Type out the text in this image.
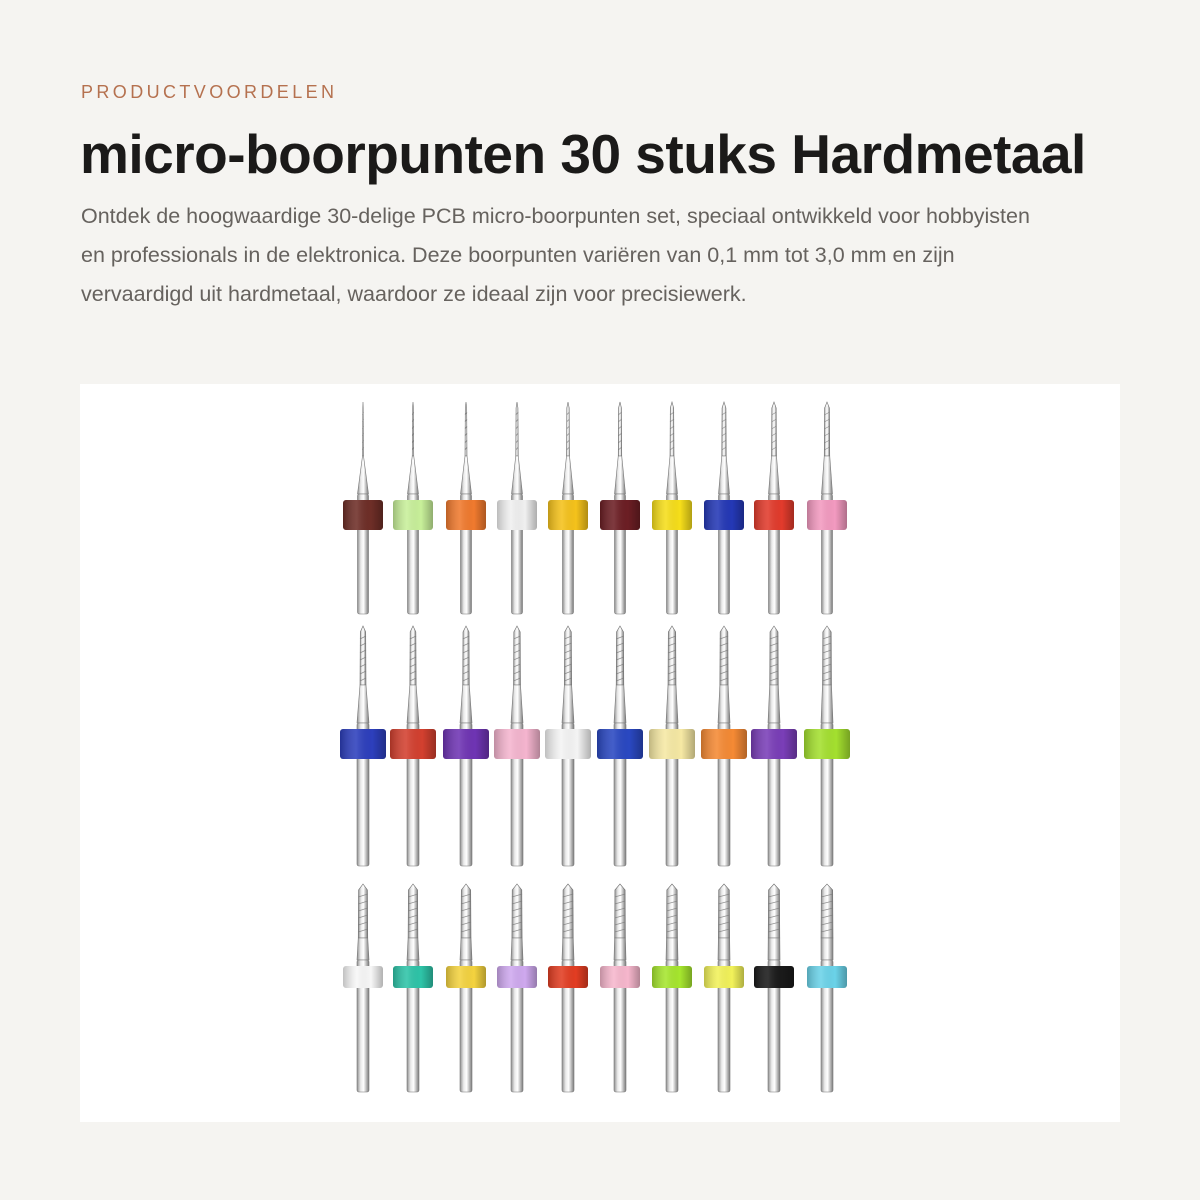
PRODUCTVOORDELEN
micro-boorpunten 30 stuks Hardmetaal

Ontdek de hoogwaardige 30-delige PCB micro-boorpunten set, speciaal ontwikkeld voor hobbyisten en professionals in de elektronica. Deze boorpunten variëren van 0,1 mm tot 3,0 mm en zijn vervaardigd uit hardmetaal, waardoor ze ideaal zijn voor precisiewerk.
